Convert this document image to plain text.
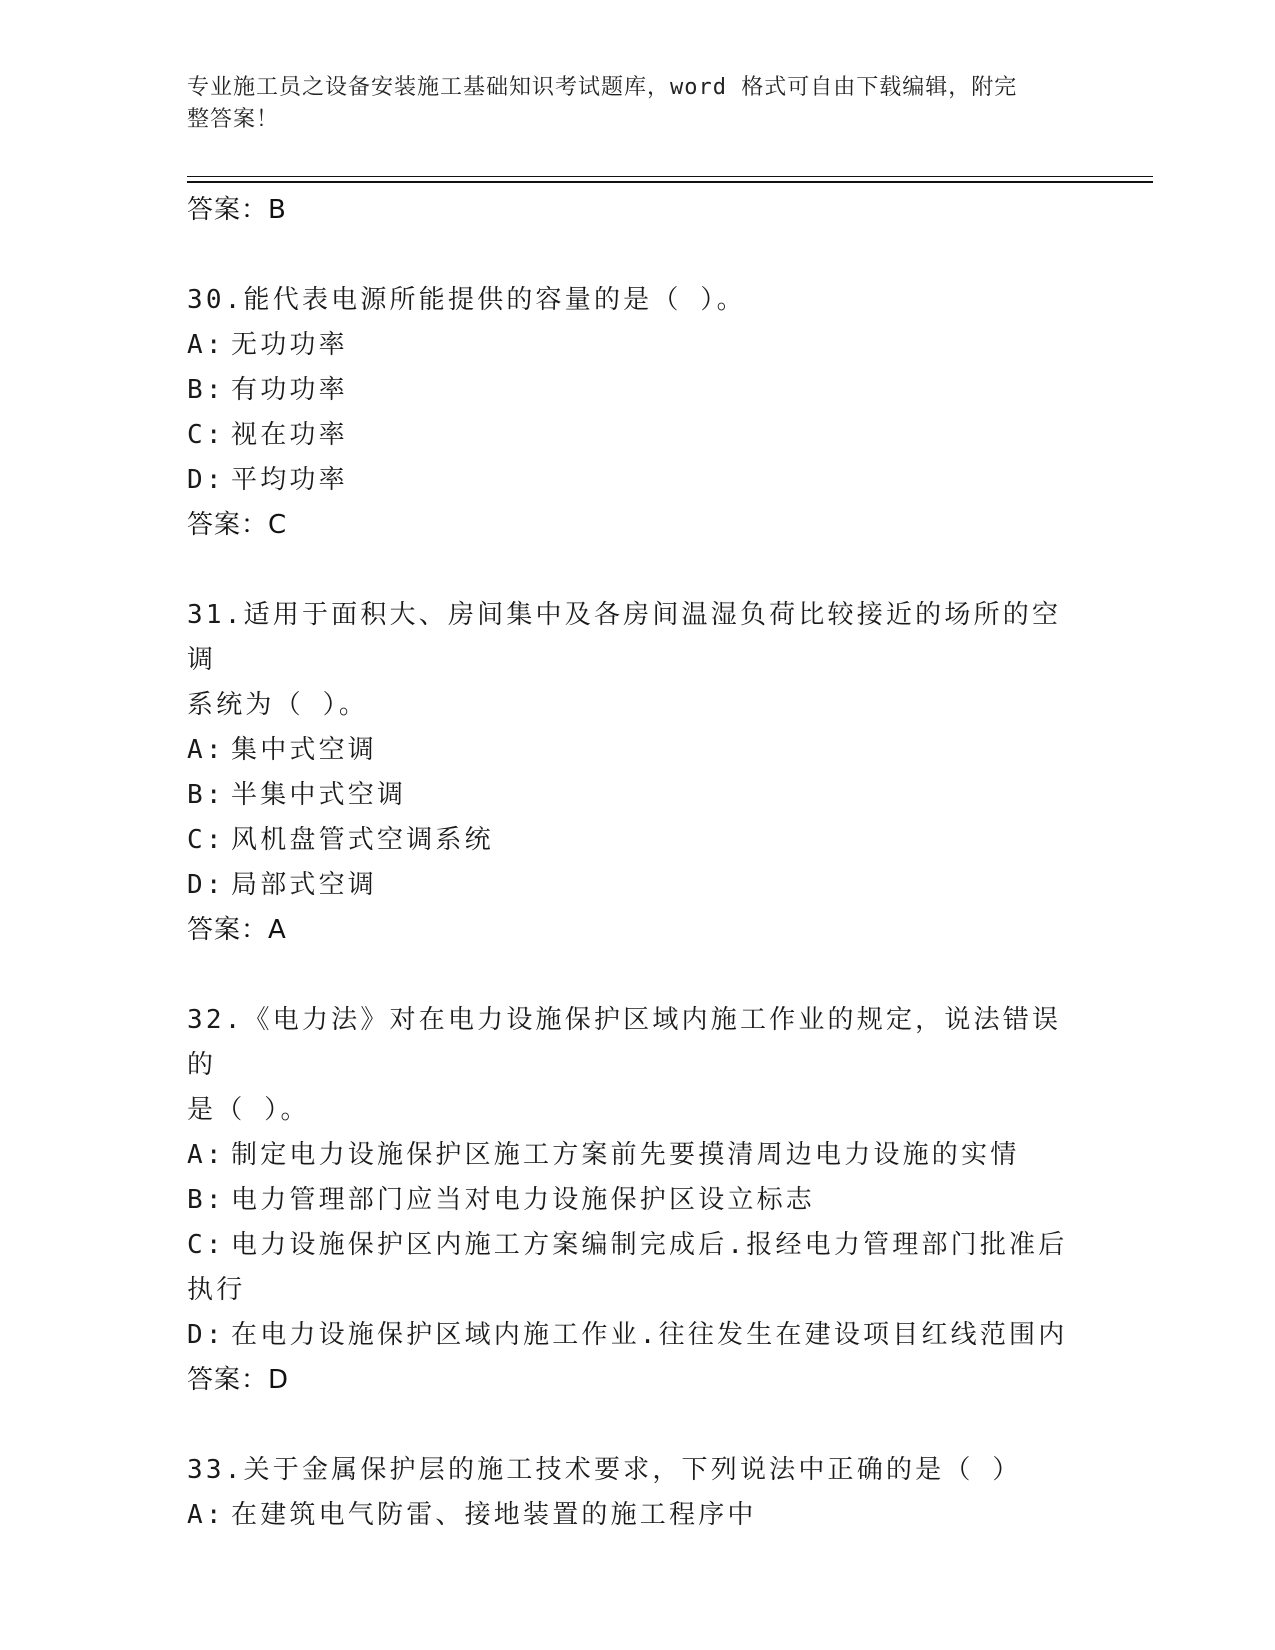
专业施工员之设备安装施工基础知识考试题库，word 格式可自由下载编辑，附完
整答案！
答案：B
30.能代表电源所能提供的容量的是（ ）。
A: 无功功率
B: 有功功率
C: 视在功率
D: 平均功率
答案：C
31.适用于面积大、房间集中及各房间温湿负荷比较接近的场所的空调
系统为（ ）。
A: 集中式空调
B: 半集中式空调
C: 风机盘管式空调系统
D: 局部式空调
答案：A
32.《电力法》对在电力设施保护区域内施工作业的规定，说法错误的
是（ ）。
A: 制定电力设施保护区施工方案前先要摸清周边电力设施的实情
B: 电力管理部门应当对电力设施保护区设立标志
C: 电力设施保护区内施工方案编制完成后.报经电力管理部门批准后
执行
D: 在电力设施保护区域内施工作业.往往发生在建设项目红线范围内
答案：D
33.关于金属保护层的施工技术要求，下列说法中正确的是（ ）
A: 在建筑电气防雷、接地装置的施工程序中
